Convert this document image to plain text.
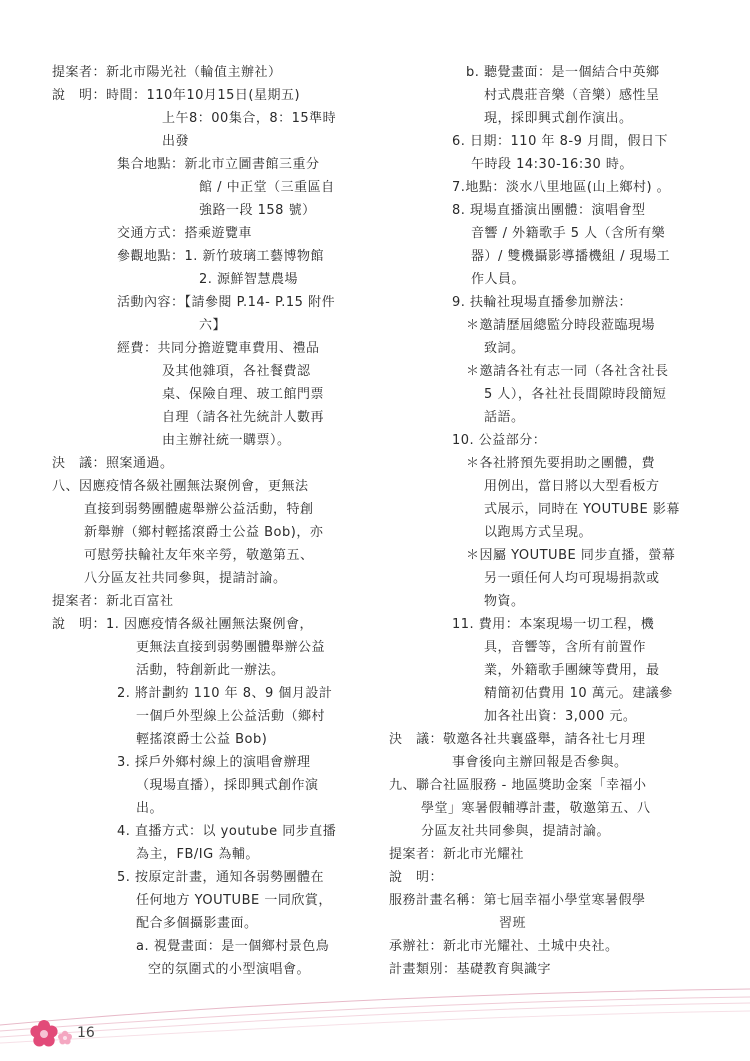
提案者：新北市陽光社（輪值主辦社）
說　明：時間：110年10月15日(星期五)
上午8：00集合，8：15準時
出發
集合地點：新北市立圖書館三重分
館 / 中正堂（三重區自
強路一段 158 號）
交通方式：搭乘遊覽車
參觀地點：1. 新竹玻璃工藝博物館
2. 源鮮智慧農場
活動內容：【請參閱 P.14- P.15 附件
六】
經費：共同分擔遊覽車費用、禮品
及其他雜項，各社餐費認
桌、保險自理、玻工館門票
自理（請各社先統計人數再
由主辦社統一購票）。
決　議：照案通過。
八、因應疫情各級社團無法聚例會，更無法
直接到弱勢團體處舉辦公益活動，特創
新舉辦（鄉村輕搖滾爵士公益 Bob)，亦
可慰勞扶輪社友年來辛勞，敬邀第五、
八分區友社共同參與，提請討論。
提案者：新北百富社
說　明：1. 因應疫情各級社團無法聚例會，
更無法直接到弱勢團體舉辦公益
活動，特創新此一辦法。
2. 將計劃約 110 年 8、9 個月設計
一個戶外型線上公益活動（鄉村
輕搖滾爵士公益 Bob)
3. 採戶外鄉村線上的演唱會辦理
（現場直播），採即興式創作演
出。
4. 直播方式：以 youtube 同步直播
為主，FB/IG 為輔。
5. 按原定計畫，通知各弱勢團體在
任何地方 YOUTUBE 一同欣賞，
配合多個攝影畫面。
a. 視覺畫面：是一個鄉村景色鳥
空的氛圍式的小型演唱會。
b. 聽覺畫面：是一個結合中英鄉
村式農莊音樂（音樂）感性呈
現，採即興式創作演出。
6. 日期：110 年 8-9 月間，假日下
午時段 14:30-16:30 時。
7.地點：淡水八里地區(山上鄉村) 。
8. 現場直播演出團體：演唱會型
音響 / 外籍歌手 5 人（含所有樂
器）/ 雙機攝影導播機組 / 現場工
作人員。
9. 扶輪社現場直播參加辦法：
＊邀請歷屆總監分時段蒞臨現場
致詞。
＊邀請各社有志一同（各社含社長
5 人），各社社長間隙時段簡短
話語。
10. 公益部分：
＊各社將預先要捐助之團體，費
用例出，當日將以大型看板方
式展示，同時在 YOUTUBE 影幕
以跑馬方式呈現。
＊因屬 YOUTUBE 同步直播，螢幕
另一頭任何人均可現場捐款或
物資。
11. 費用：本案現場一切工程，機
具，音響等，含所有前置作
業，外籍歌手團練等費用，最
精簡初估費用 10 萬元。建議參
加各社出資：3,000 元。
決　議：敬邀各社共襄盛舉，請各社七月理
事會後向主辦回報是否參與。
九、聯合社區服務 - 地區獎助金案「幸福小
學堂」寒暑假輔導計畫，敬邀第五、八
分區友社共同參與，提請討論。
提案者：新北市光耀社
說　明：
服務計畫名稱：第七屆幸福小學堂寒暑假學
習班
承辦社：新北市光耀社、土城中央社。
計畫類別：基礎教育與識字
16
